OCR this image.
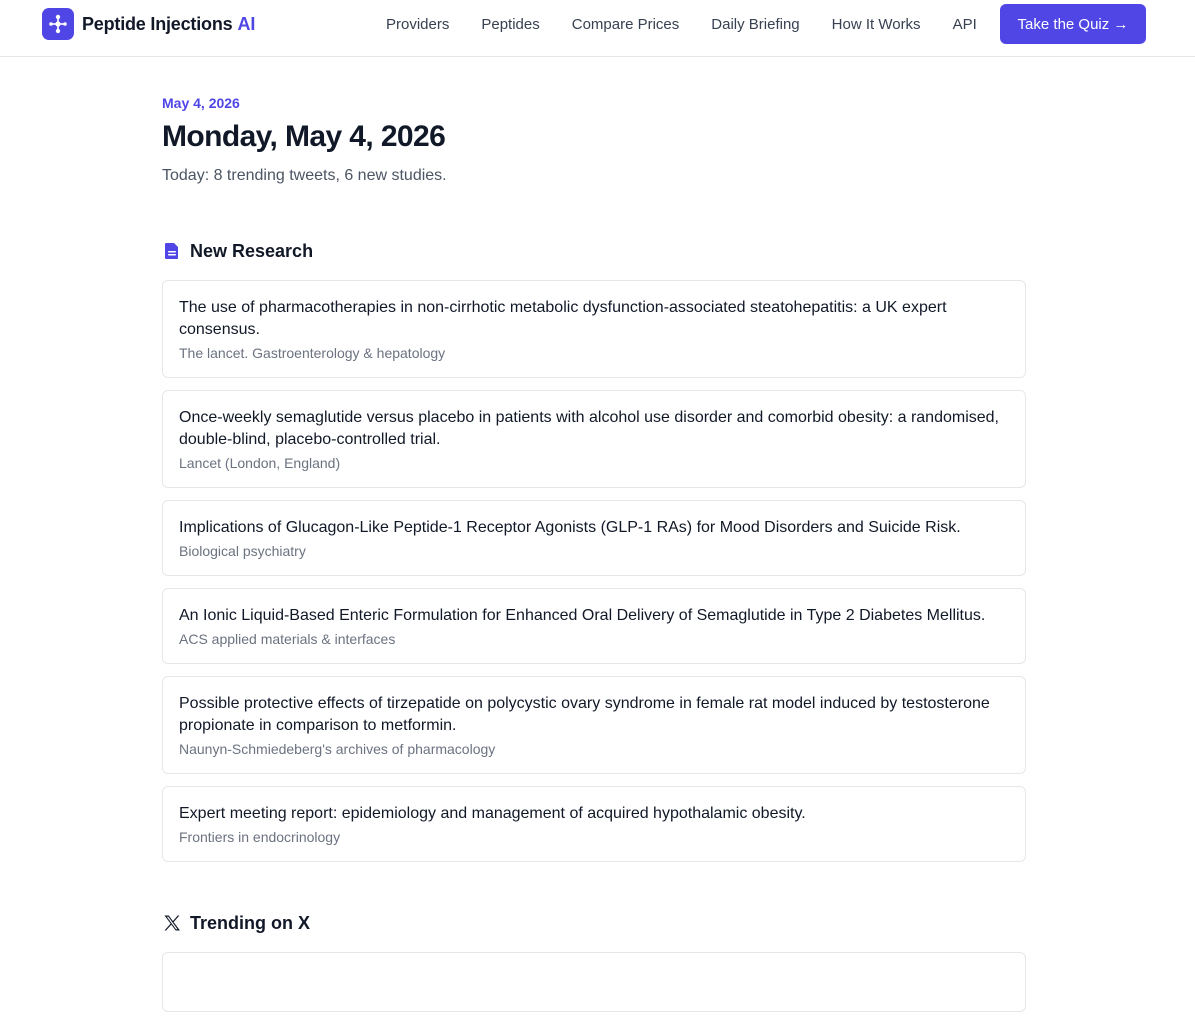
Peptide Injections AI	Providers	Peptides	Compare Prices	Daily Briefing	How It Works	API	Take the Quiz →
May 4, 2026
Monday, May 4, 2026

Today: 8 trending tweets, 6 new studies.

New Research
The use of pharmacotherapies in non-cirrhotic metabolic dysfunction-associated steatohepatitis: a UK expert consensus.
The lancet. Gastroenterology & hepatology
Once-weekly semaglutide versus placebo in patients with alcohol use disorder and comorbid obesity: a randomised, double-blind, placebo-controlled trial.
Lancet (London, England)
Implications of Glucagon-Like Peptide-1 Receptor Agonists (GLP-1 RAs) for Mood Disorders and Suicide Risk.
Biological psychiatry
An Ionic Liquid-Based Enteric Formulation for Enhanced Oral Delivery of Semaglutide in Type 2 Diabetes Mellitus.
ACS applied materials & interfaces
Possible protective effects of tirzepatide on polycystic ovary syndrome in female rat model induced by testosterone propionate in comparison to metformin.
Naunyn-Schmiedeberg's archives of pharmacology
Expert meeting report: epidemiology and management of acquired hypothalamic obesity.
Frontiers in endocrinology
Trending on X
